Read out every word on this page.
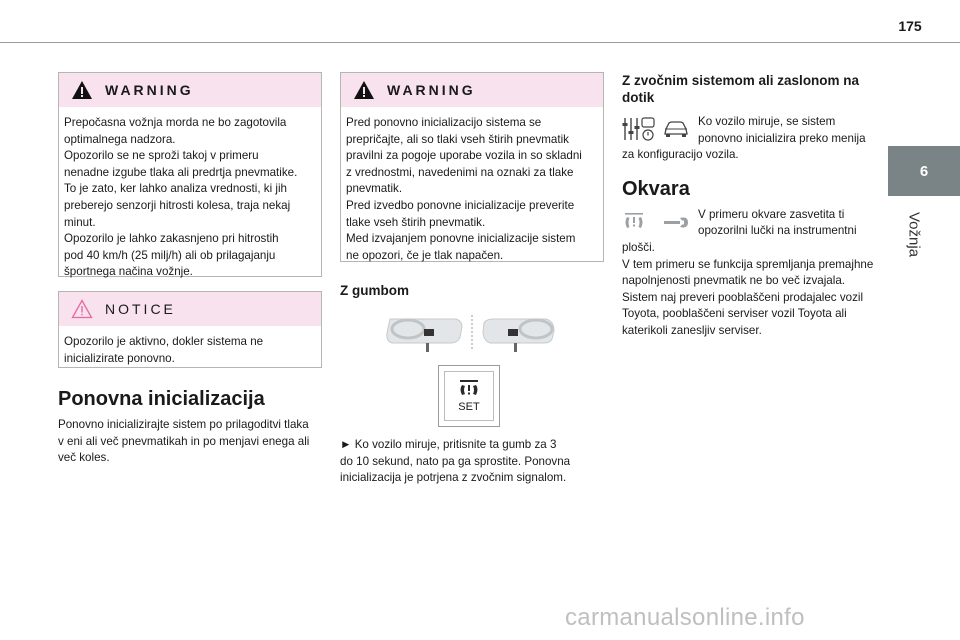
175
6
Vožnja
WARNING
Prepočasna vožnja morda ne bo zagotovila
optimalnega nadzora.
Opozorilo se ne sproži takoj v primeru
nenadne izgube tlaka ali predrtja pnevmatike.
To je zato, ker lahko analiza vrednosti, ki jih
preberejo senzorji hitrosti kolesa, traja nekaj
minut.
Opozorilo je lahko zakasnjeno pri hitrostih
pod 40 km/h (25 milj/h) ali ob prilagajanju
športnega načina vožnje.
NOTICE
Opozorilo je aktivno, dokler sistema ne
inicializirate ponovno.
Ponovna inicializacija
Ponovno inicializirajte sistem po prilagoditvi tlaka
v eni ali več pnevmatikah in po menjavi enega ali
več koles.
WARNING
Pred ponovno inicializacijo sistema se
prepričajte, ali so tlaki vseh štirih pnevmatik
pravilni za pogoje uporabe vozila in so skladni
z vrednostmi, navedenimi na oznaki za tlake
pnevmatik.
Pred izvedbo ponovne inicializacije preverite
tlake vseh štirih pnevmatik.
Med izvajanjem ponovne inicializacije sistem
ne opozori, če je tlak napačen.
Z gumbom
SET
► Ko vozilo miruje, pritisnite ta gumb za 3
do 10 sekund, nato pa ga sprostite. Ponovna
inicializacija je potrjena z zvočnim signalom.
Z zvočnim sistemom ali zaslonom na
dotik
Ko vozilo miruje, se sistem
ponovno inicializira preko menija
za konfiguracijo vozila.
Okvara
V primeru okvare zasvetita ti
opozorilni lučki na instrumentni
plošči.
V tem primeru se funkcija spremljanja premajhne
napolnjenosti pnevmatik ne bo več izvajala.
Sistem naj preveri pooblaščeni prodajalec vozil
Toyota, pooblaščeni serviser vozil Toyota ali
katerikoli zanesljiv serviser.
carmanualsonline.info
